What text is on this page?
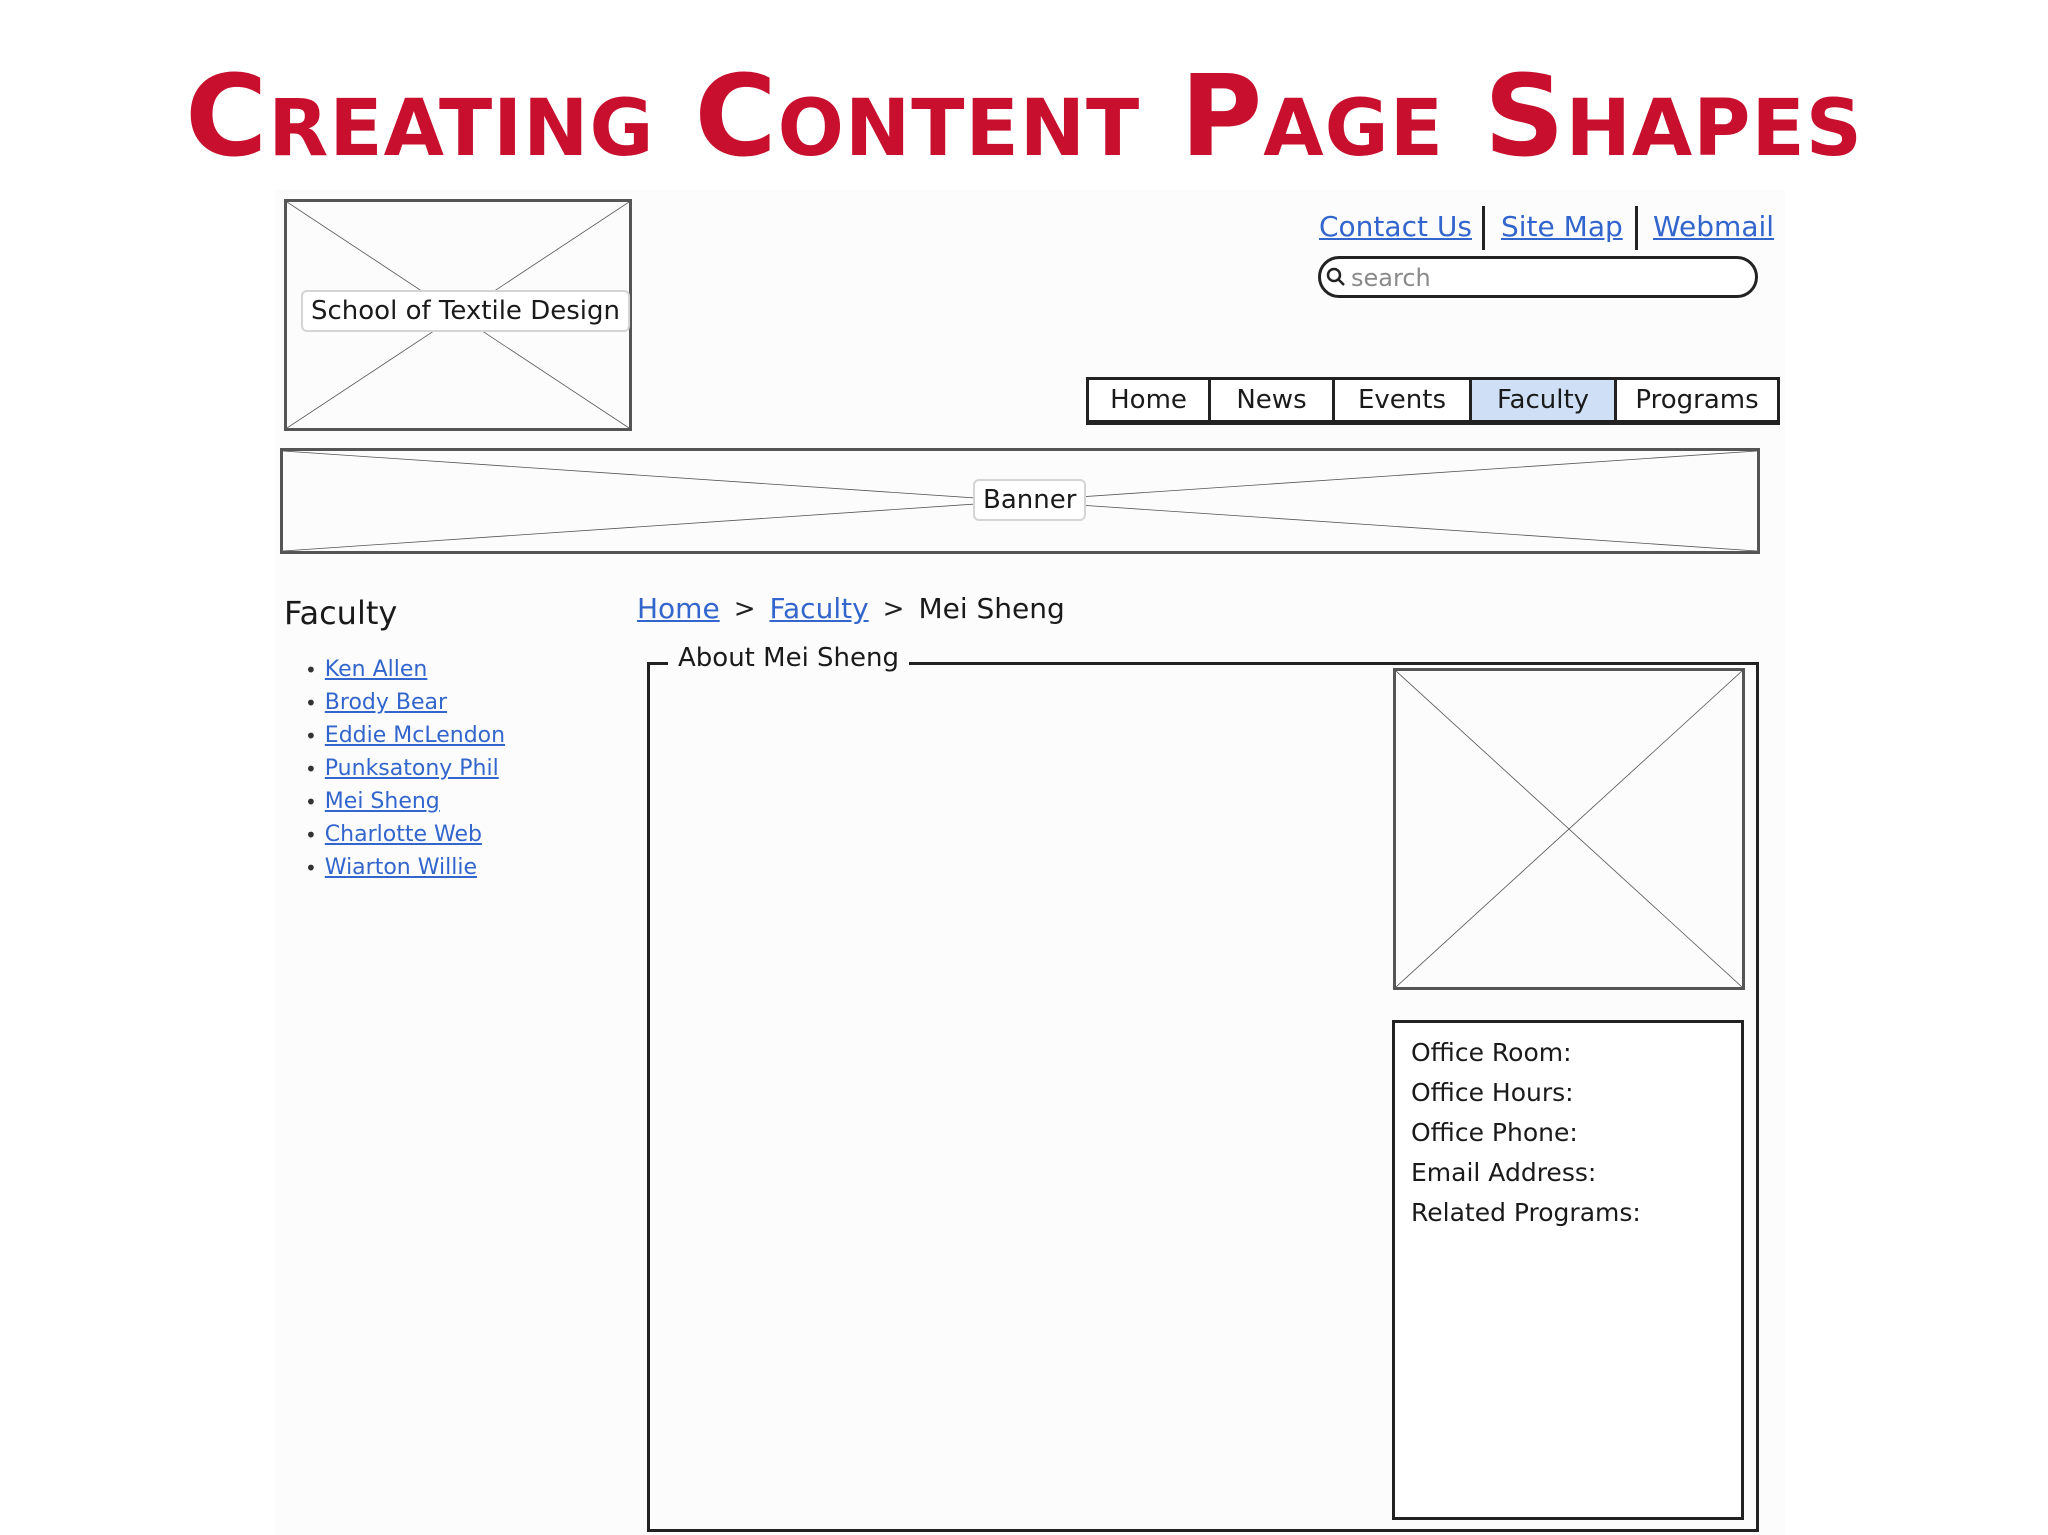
Creating Content Page Shapes
School of Textile Design
Contact Us Site Map Webmail
search
Home News Events Faculty Programs
Banner
Faculty
• Ken Allen
• Brody Bear
• Eddie McLendon
• Punksatony Phil
• Mei Sheng
• Charlotte Web
• Wiarton Willie
Home > Faculty > Mei Sheng
About Mei Sheng
Office Room:
Office Hours:
Office Phone:
Email Address:
Related Programs:
